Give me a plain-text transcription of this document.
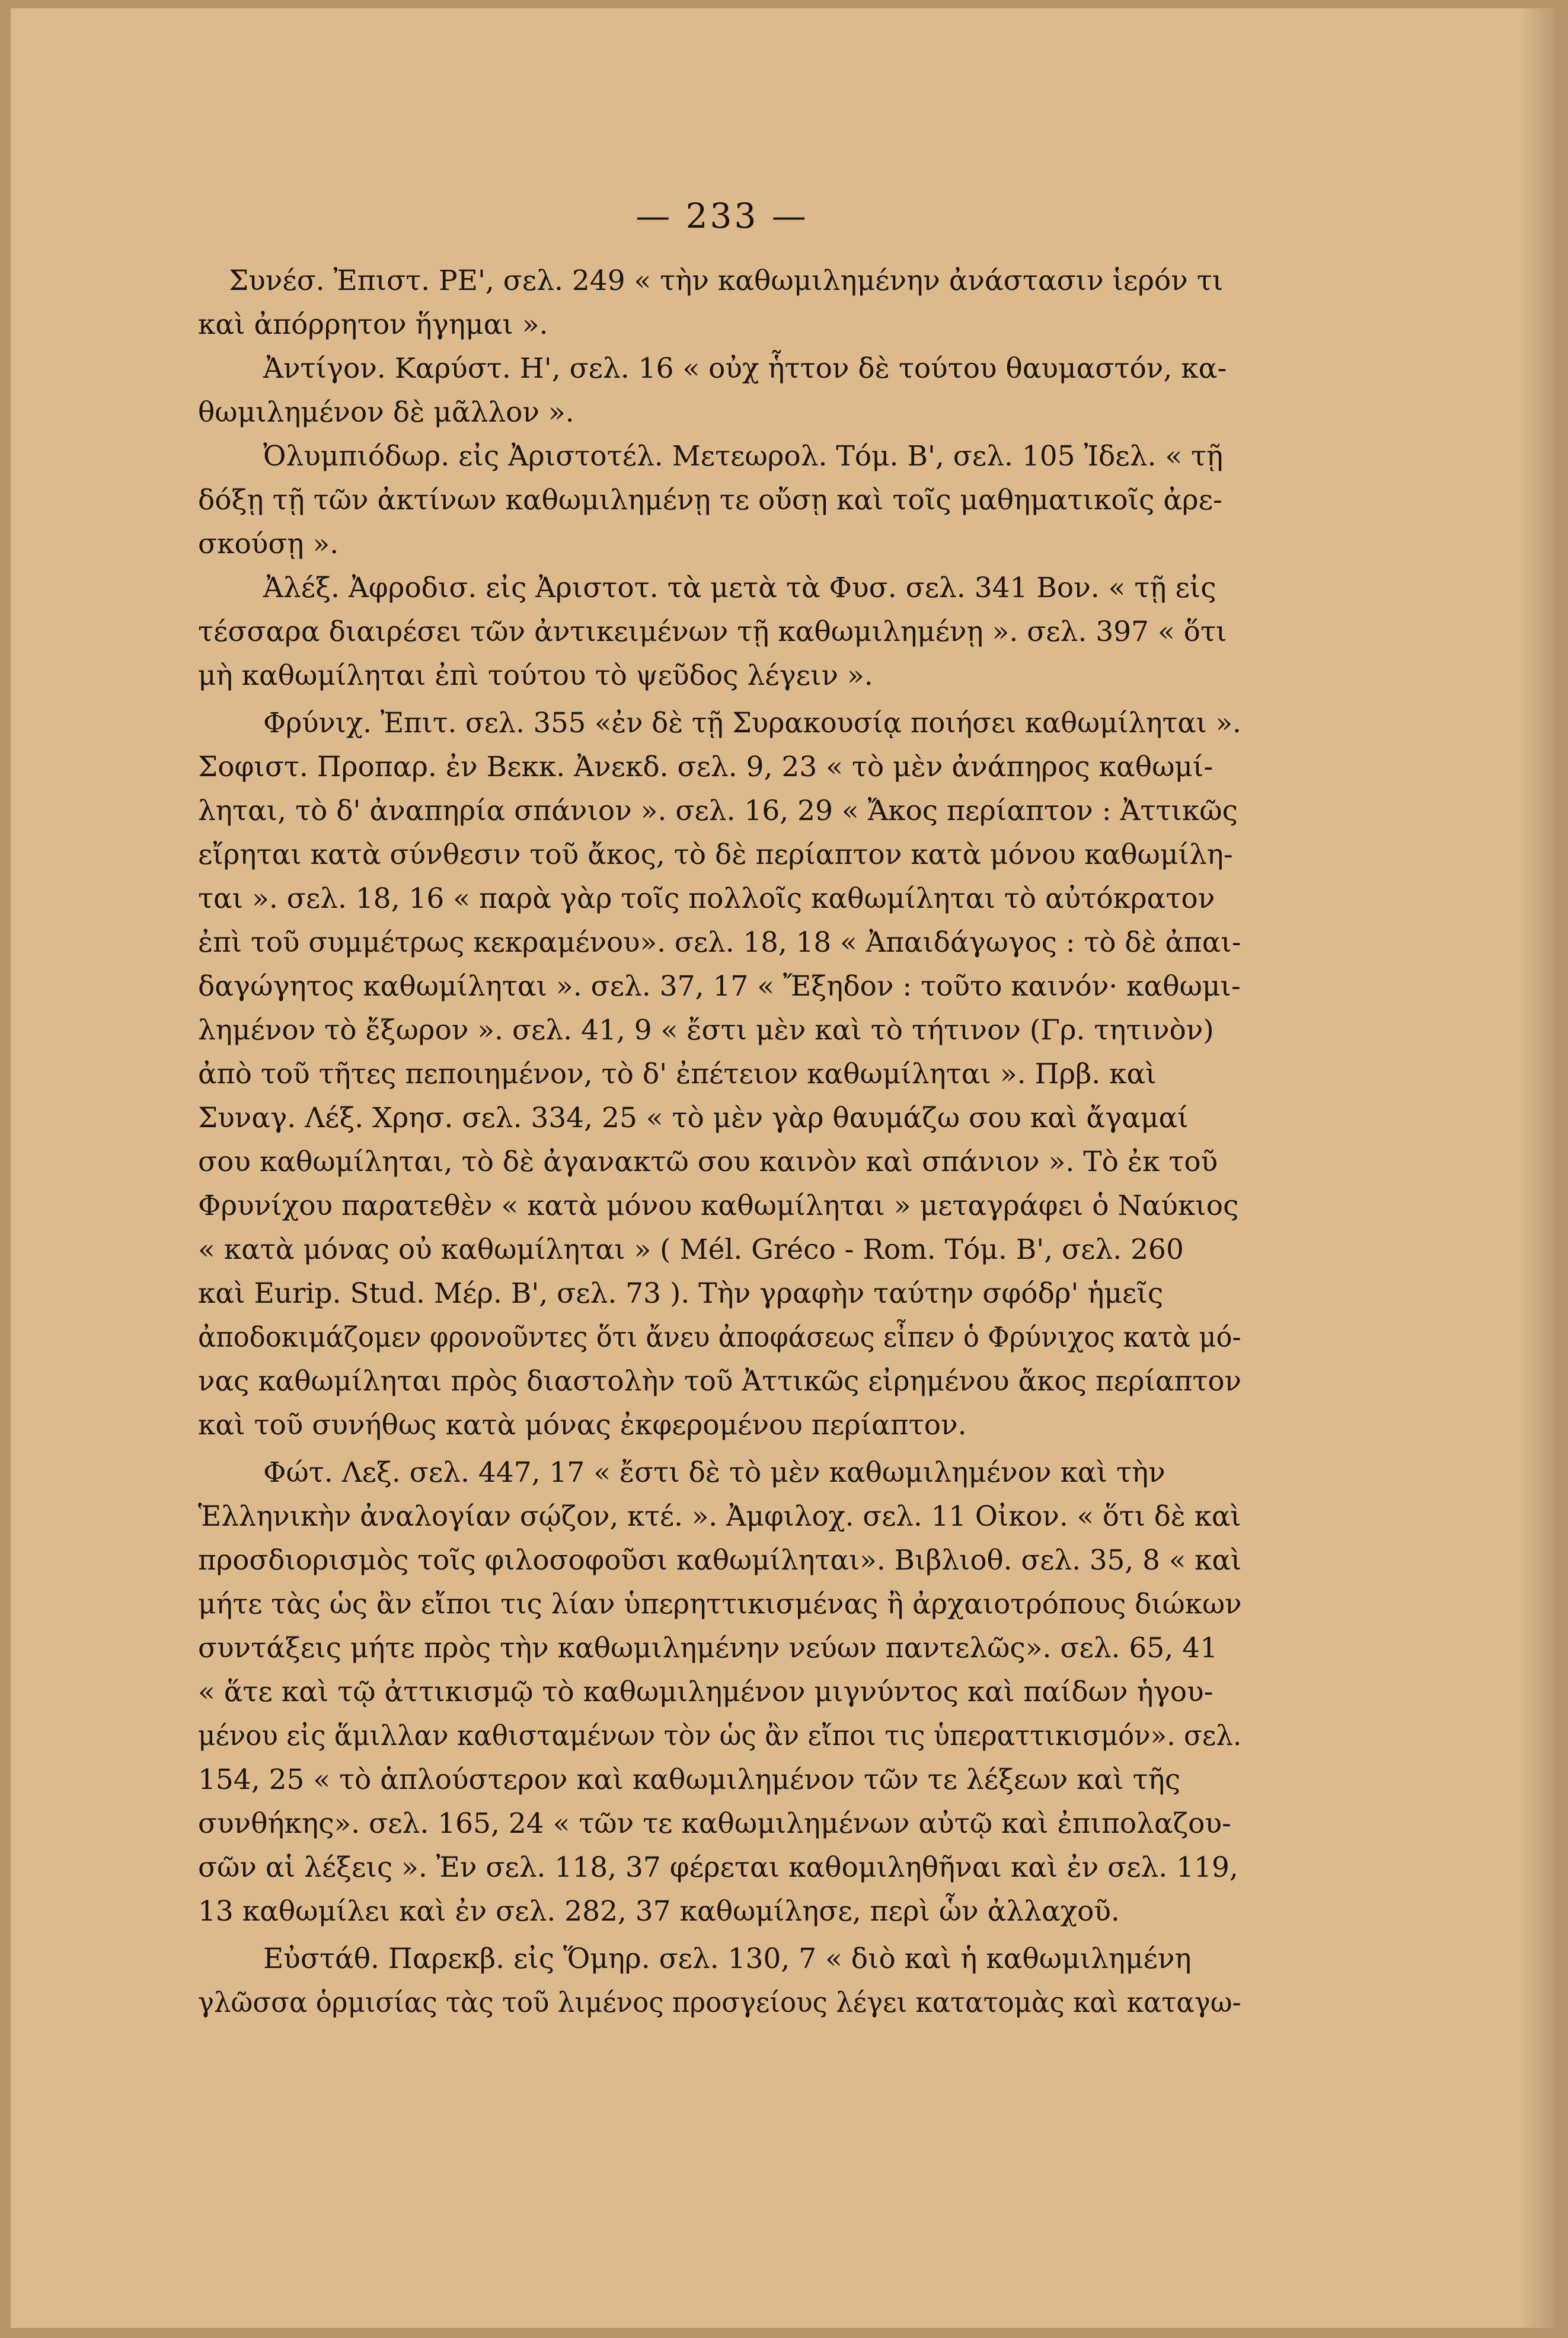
— 233 —
Συνέσ. Ἐπιστ. ΡΕ', σελ. 249 « τὴν καθωμιλημένην ἀνάστασιν ἱερόν τι
καὶ ἀπόρρητον ἥγημαι ».
Ἀντίγον. Καρύστ. Η', σελ. 16 « οὐχ ἧττον δὲ τούτου θαυμαστόν, κα-
θωμιλημένον δὲ μᾶλλον ».
Ὀλυμπιόδωρ. εἰς Ἀριστοτέλ. Μετεωρολ. Τόμ. Β', σελ. 105 Ἰδελ. « τῇ
δόξῃ τῇ τῶν ἀκτίνων καθωμιλημένῃ τε οὔσῃ καὶ τοῖς μαθηματικοῖς ἀρε-
σκούσῃ ».
Ἀλέξ. Ἀφροδισ. εἰς Ἀριστοτ. τὰ μετὰ τὰ Φυσ. σελ. 341 Βον. « τῇ εἰς
τέσσαρα διαιρέσει τῶν ἀντικειμένων τῇ καθωμιλημένῃ ». σελ. 397 « ὅτι
μὴ καθωμίληται ἐπὶ τούτου τὸ ψεῦδος λέγειν ».
Φρύνιχ. Ἐπιτ. σελ. 355 «ἐν δὲ τῇ Συρακουσίᾳ ποιήσει καθωμίληται ».
Σοφιστ. Προπαρ. ἐν Βεκκ. Ἀνεκδ. σελ. 9, 23 « τὸ μὲν ἀνάπηρος καθωμί-
ληται, τὸ δ' ἀναπηρία σπάνιον ». σελ. 16, 29 « Ἄκος περίαπτον : Ἀττικῶς
εἴρηται κατὰ σύνθεσιν τοῦ ἄκος, τὸ δὲ περίαπτον κατὰ μόνου καθωμίλη-
ται ». σελ. 18, 16 « παρὰ γὰρ τοῖς πολλοῖς καθωμίληται τὸ αὐτόκρατον
ἐπὶ τοῦ συμμέτρως κεκραμένου». σελ. 18, 18 « Ἀπαιδάγωγος : τὸ δὲ ἀπαι-
δαγώγητος καθωμίληται ». σελ. 37, 17 « Ἔξηδον : τοῦτο καινόν· καθωμι-
λημένον τὸ ἔξωρον ». σελ. 41, 9 « ἔστι μὲν καὶ τὸ τήτινον (Γρ. τητινὸν)
ἀπὸ τοῦ τῆτες πεποιημένον, τὸ δ' ἐπέτειον καθωμίληται ». Πρβ. καὶ
Συναγ. Λέξ. Χρησ. σελ. 334, 25 « τὸ μὲν γὰρ θαυμάζω σου καὶ ἄγαμαί
σου καθωμίληται, τὸ δὲ ἀγανακτῶ σου καινὸν καὶ σπάνιον ». Τὸ ἐκ τοῦ
Φρυνίχου παρατεθὲν « κατὰ μόνου καθωμίληται » μεταγράφει ὁ Ναύκιος
« κατὰ μόνας οὐ καθωμίληται » ( Mél. Gréco - Rom. Τόμ. Β', σελ. 260
καὶ Eurip. Stud. Μέρ. Β', σελ. 73 ). Τὴν γραφὴν ταύτην σφόδρ' ἡμεῖς
ἀποδοκιμάζομεν φρονοῦντες ὅτι ἄνευ ἀποφάσεως εἶπεν ὁ Φρύνιχος κατὰ μό-
νας καθωμίληται πρὸς διαστολὴν τοῦ Ἀττικῶς εἰρημένου ἄκος περίαπτον
καὶ τοῦ συνήθως κατὰ μόνας ἐκφερομένου περίαπτον.
Φώτ. Λεξ. σελ. 447, 17 « ἔστι δὲ τὸ μὲν καθωμιλημένον καὶ τὴν
Ἑλληνικὴν ἀναλογίαν σῴζον, κτέ. ». Ἀμφιλοχ. σελ. 11 Οἰκον. « ὅτι δὲ καὶ
προσδιορισμὸς τοῖς φιλοσοφοῦσι καθωμίληται». Βιβλιοθ. σελ. 35, 8 « καὶ
μήτε τὰς ὡς ἂν εἴποι τις λίαν ὑπερηττικισμένας ἢ ἀρχαιοτρόπους διώκων
συντάξεις μήτε πρὸς τὴν καθωμιλημένην νεύων παντελῶς». σελ. 65, 41
« ἅτε καὶ τῷ ἀττικισμῷ τὸ καθωμιλημένον μιγνύντος καὶ παίδων ἡγου-
μένου εἰς ἅμιλλαν καθισταμένων τὸν ὡς ἂν εἴποι τις ὑπεραττικισμόν». σελ.
154, 25 « τὸ ἁπλούστερον καὶ καθωμιλημένον τῶν τε λέξεων καὶ τῆς
συνθήκης». σελ. 165, 24 « τῶν τε καθωμιλημένων αὐτῷ καὶ ἐπιπολαζου-
σῶν αἱ λέξεις ». Ἐν σελ. 118, 37 φέρεται καθομιληθῆναι καὶ ἐν σελ. 119,
13 καθωμίλει καὶ ἐν σελ. 282, 37 καθωμίλησε, περὶ ὧν ἀλλαχοῦ.
Εὐστάθ. Παρεκβ. εἰς Ὅμηρ. σελ. 130, 7 « διὸ καὶ ἡ καθωμιλημένη
γλῶσσα ὁρμισίας τὰς τοῦ λιμένος προσγείους λέγει κατατομὰς καὶ καταγω-
